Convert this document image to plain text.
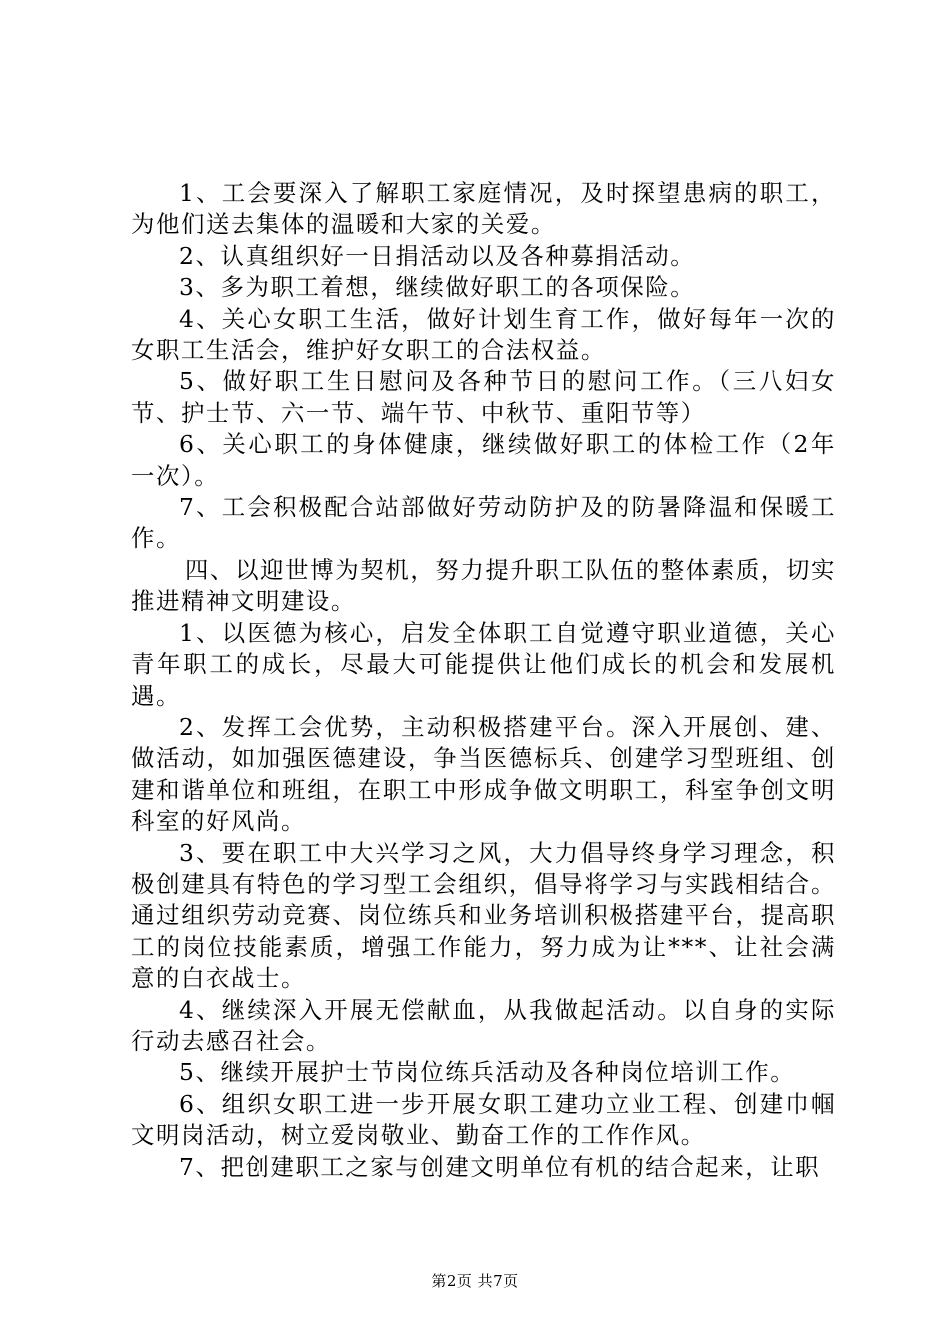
1、工会要深入了解职工家庭情况，及时探望患病的职工，为他们送去集体的温暖和大家的关爱。

2、认真组织好一日捐活动以及各种募捐活动。

3、多为职工着想，继续做好职工的各项保险。

4、关心女职工生活，做好计划生育工作，做好每年一次的女职工生活会，维护好女职工的合法权益。

5、做好职工生日慰问及各种节日的慰问工作。（三八妇女节、护士节、六一节、端午节、中秋节、重阳节等）

6、关心职工的身体健康，继续做好职工的体检工作（2年一次）。

7、工会积极配合站部做好劳动防护及的防暑降温和保暖工作。

四、以迎世博为契机，努力提升职工队伍的整体素质，切实推进精神文明建设。

1、以医德为核心，启发全体职工自觉遵守职业道德，关心青年职工的成长，尽最大可能提供让他们成长的机会和发展机遇。

2、发挥工会优势，主动积极搭建平台。深入开展创、建、做活动，如加强医德建设，争当医德标兵、创建学习型班组、创建和谐单位和班组，在职工中形成争做文明职工，科室争创文明科室的好风尚。

3、要在职工中大兴学习之风，大力倡导终身学习理念，积极创建具有特色的学习型工会组织，倡导将学习与实践相结合。通过组织劳动竞赛、岗位练兵和业务培训积极搭建平台，提高职工的岗位技能素质，增强工作能力，努力成为让***、让社会满意的白衣战士。

4、继续深入开展无偿献血，从我做起活动。以自身的实际行动去感召社会。

5、继续开展护士节岗位练兵活动及各种岗位培训工作。

6、组织女职工进一步开展女职工建功立业工程、创建巾帼文明岗活动，树立爱岗敬业、勤奋工作的工作作风。

7、把创建职工之家与创建文明单位有机的结合起来，让职

第2页 共7页
